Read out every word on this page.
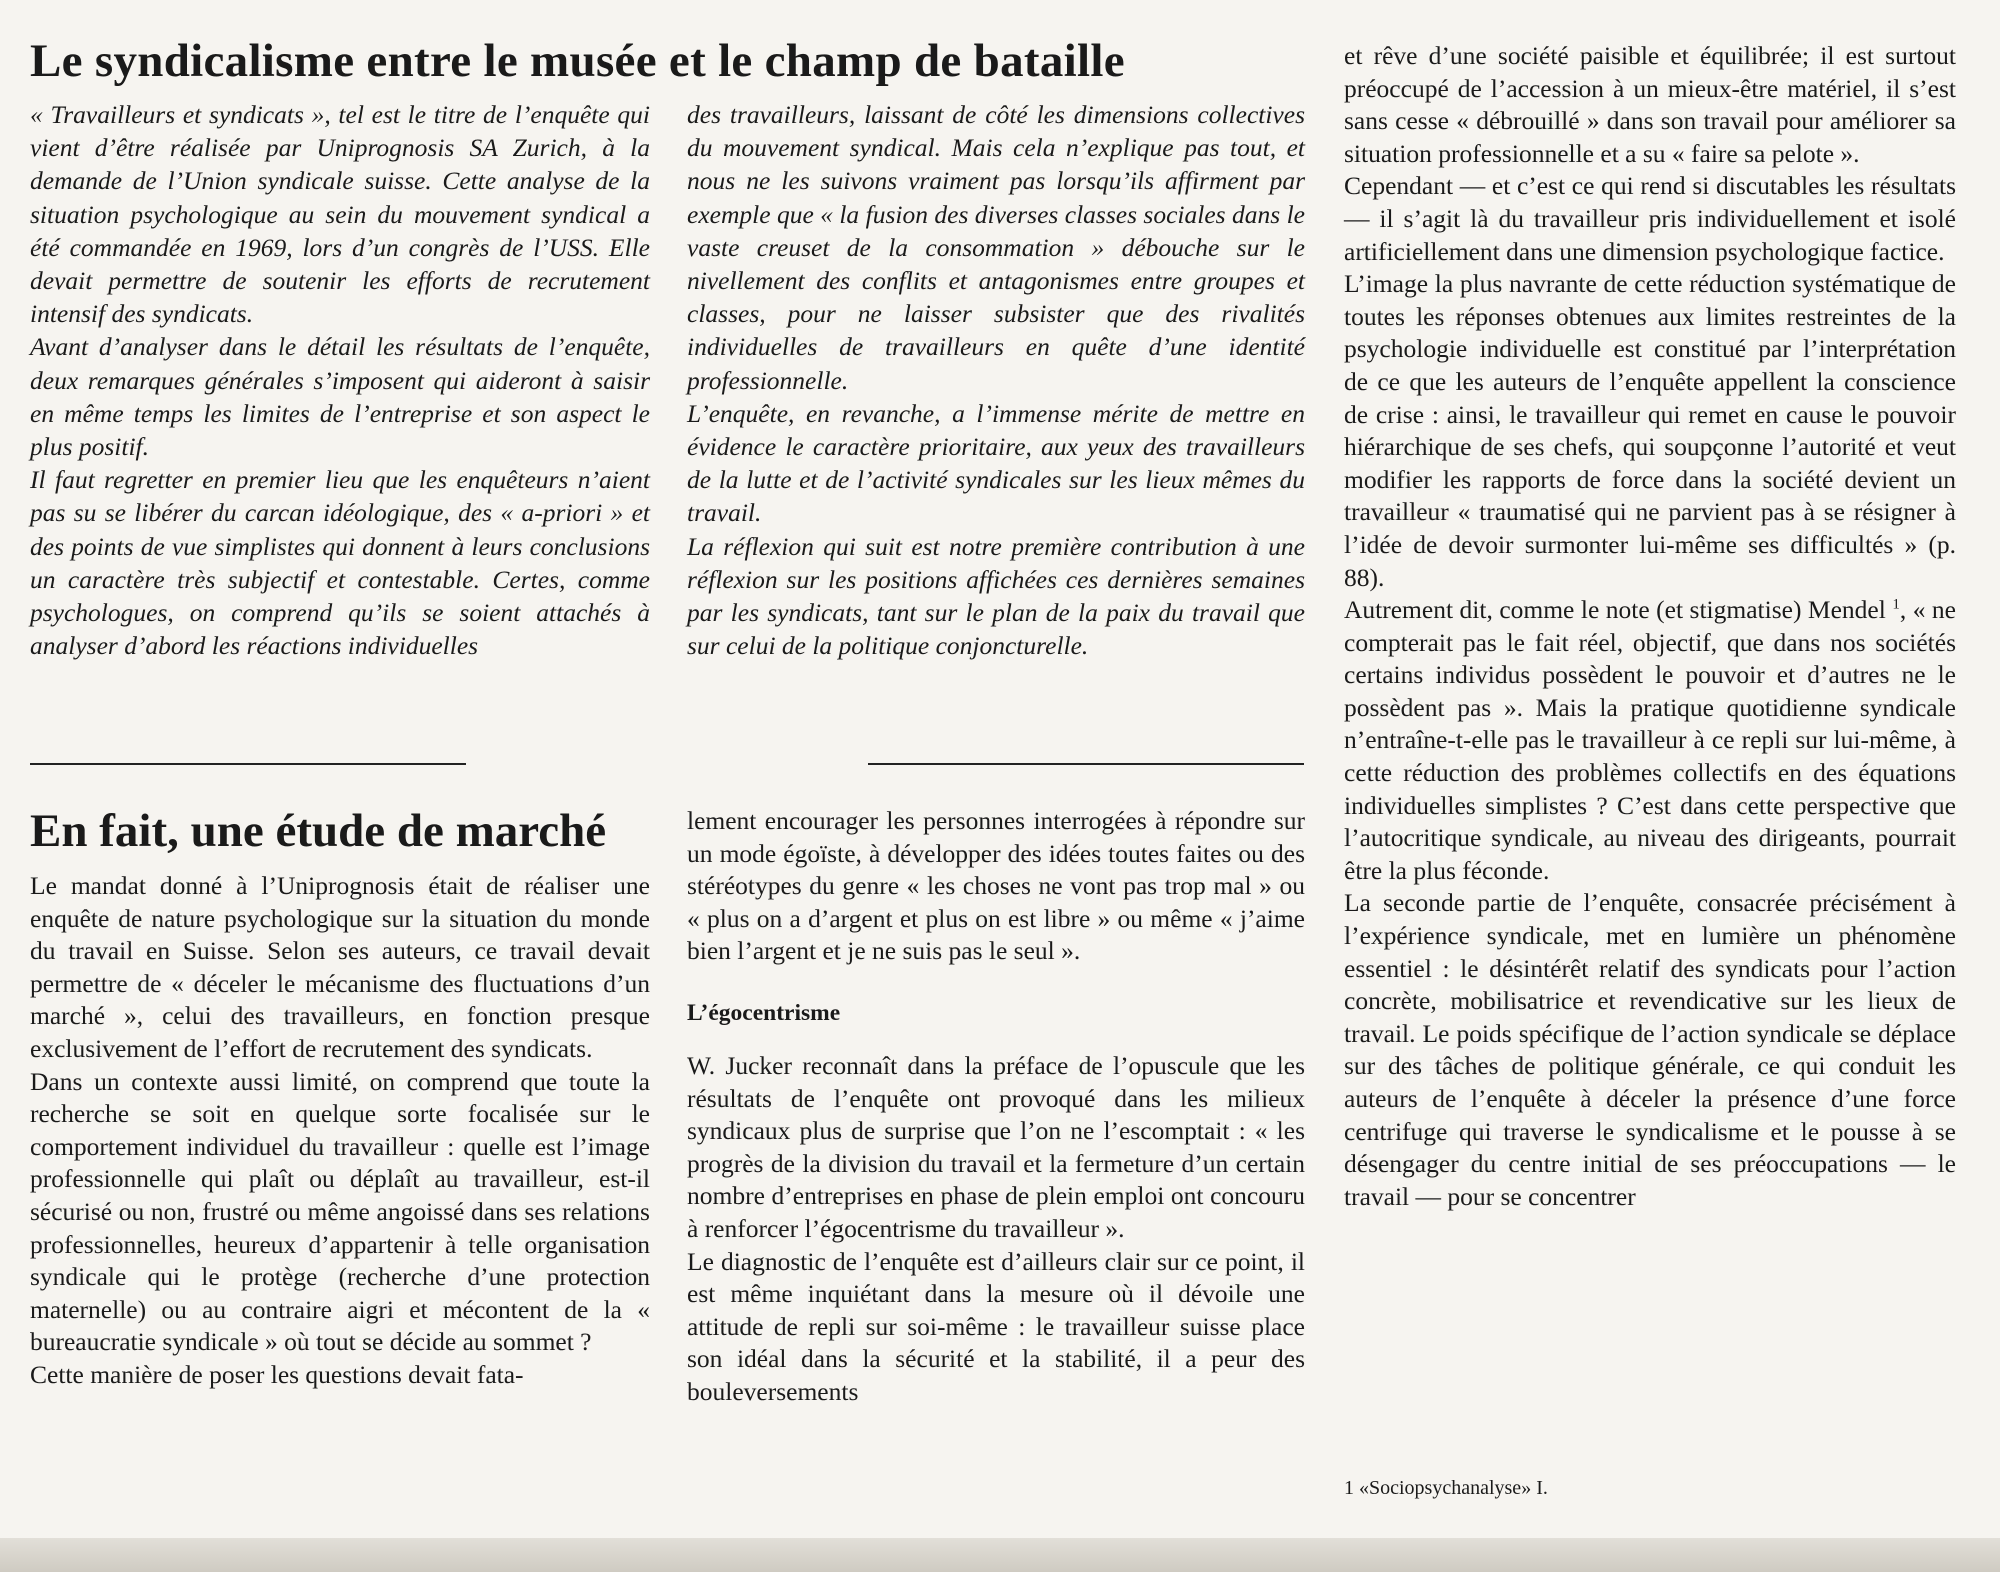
Le syndicalisme entre le musée et le champ de bataille

« Travailleurs et syndicats », tel est le titre de l’enquête qui vient d’être réalisée par Uniprognosis SA Zurich, à la demande de l’Union syndicale suisse. Cette analyse de la situation psychologique au sein du mouvement syndical a été commandée en 1969, lors d’un congrès de l’USS. Elle devait permettre de soutenir les efforts de recrutement intensif des syndicats.

Avant d’analyser dans le détail les résultats de l’enquête, deux remarques générales s’imposent qui aideront à saisir en même temps les limites de l’entreprise et son aspect le plus positif.

Il faut regretter en premier lieu que les enquêteurs n’aient pas su se libérer du carcan idéologique, des « a-priori » et des points de vue simplistes qui donnent à leurs conclusions un caractère très subjectif et contestable. Certes, comme psychologues, on comprend qu’ils se soient attachés à analyser d’abord les réactions individuelles

des travailleurs, laissant de côté les dimensions collectives du mouvement syndical. Mais cela n’explique pas tout, et nous ne les suivons vraiment pas lorsqu’ils affirment par exemple que « la fusion des diverses classes sociales dans le vaste creuset de la consommation » débouche sur le nivellement des conflits et antagonismes entre groupes et classes, pour ne laisser subsister que des rivalités individuelles de travailleurs en quête d’une identité professionnelle.

L’enquête, en revanche, a l’immense mérite de mettre en évidence le caractère prioritaire, aux yeux des travailleurs de la lutte et de l’activité syndicales sur les lieux mêmes du travail.

La réflexion qui suit est notre première contribution à une réflexion sur les positions affichées ces dernières semaines par les syndicats, tant sur le plan de la paix du travail que sur celui de la politique conjoncturelle.

En fait, une étude de marché

Le mandat donné à l’Uniprognosis était de réaliser une enquête de nature psychologique sur la situation du monde du travail en Suisse. Selon ses auteurs, ce travail devait permettre de « déceler le mécanisme des fluctuations d’un marché », celui des travailleurs, en fonction presque exclusivement de l’effort de recrutement des syndicats.

Dans un contexte aussi limité, on comprend que toute la recherche se soit en quelque sorte focalisée sur le comportement individuel du travailleur : quelle est l’image professionnelle qui plaît ou déplaît au travailleur, est-il sécurisé ou non, frustré ou même angoissé dans ses relations professionnelles, heureux d’appartenir à telle organisation syndicale qui le protège (recherche d’une protection maternelle) ou au contraire aigri et mécontent de la « bureaucratie syndicale » où tout se décide au sommet ?

Cette manière de poser les questions devait fata-

lement encourager les personnes interrogées à répondre sur un mode égoïste, à développer des idées toutes faites ou des stéréotypes du genre « les choses ne vont pas trop mal » ou « plus on a d’argent et plus on est libre » ou même « j’aime bien l’argent et je ne suis pas le seul ».

L’égocentrisme

W. Jucker reconnaît dans la préface de l’opuscule que les résultats de l’enquête ont provoqué dans les milieux syndicaux plus de surprise que l’on ne l’escomptait : « les progrès de la division du travail et la fermeture d’un certain nombre d’entreprises en phase de plein emploi ont concouru à renforcer l’égocentrisme du travailleur ».

Le diagnostic de l’enquête est d’ailleurs clair sur ce point, il est même inquiétant dans la mesure où il dévoile une attitude de repli sur soi-même : le travailleur suisse place son idéal dans la sécurité et la stabilité, il a peur des bouleversements

et rêve d’une société paisible et équilibrée; il est surtout préoccupé de l’accession à un mieux-être matériel, il s’est sans cesse « débrouillé » dans son travail pour améliorer sa situation professionnelle et a su « faire sa pelote ».

Cependant — et c’est ce qui rend si discutables les résultats — il s’agit là du travailleur pris individuellement et isolé artificiellement dans une dimension psychologique factice.

L’image la plus navrante de cette réduction systématique de toutes les réponses obtenues aux limites restreintes de la psychologie individuelle est constitué par l’interprétation de ce que les auteurs de l’enquête appellent la conscience de crise : ainsi, le travailleur qui remet en cause le pouvoir hiérarchique de ses chefs, qui soupçonne l’autorité et veut modifier les rapports de force dans la société devient un travailleur « traumatisé qui ne parvient pas à se résigner à l’idée de devoir surmonter lui-même ses difficultés » (p. 88).

Autrement dit, comme le note (et stigmatise) Mendel $^1$, « ne compterait pas le fait réel, objectif, que dans nos sociétés certains individus possèdent le pouvoir et d’autres ne le possèdent pas ». Mais la pratique quotidienne syndicale n’entraîne-t-elle pas le travailleur à ce repli sur lui-même, à cette réduction des problèmes collectifs en des équations individuelles simplistes ? C’est dans cette perspective que l’autocritique syndicale, au niveau des dirigeants, pourrait être la plus féconde.

La seconde partie de l’enquête, consacrée précisément à l’expérience syndicale, met en lumière un phénomène essentiel : le désintérêt relatif des syndicats pour l’action concrète, mobilisatrice et revendicative sur les lieux de travail. Le poids spécifique de l’action syndicale se déplace sur des tâches de politique générale, ce qui conduit les auteurs de l’enquête à déceler la présence d’une force centrifuge qui traverse le syndicalisme et le pousse à se désengager du centre initial de ses préoccupations — le travail — pour se concentrer

1 «Sociopsychanalyse» I.
